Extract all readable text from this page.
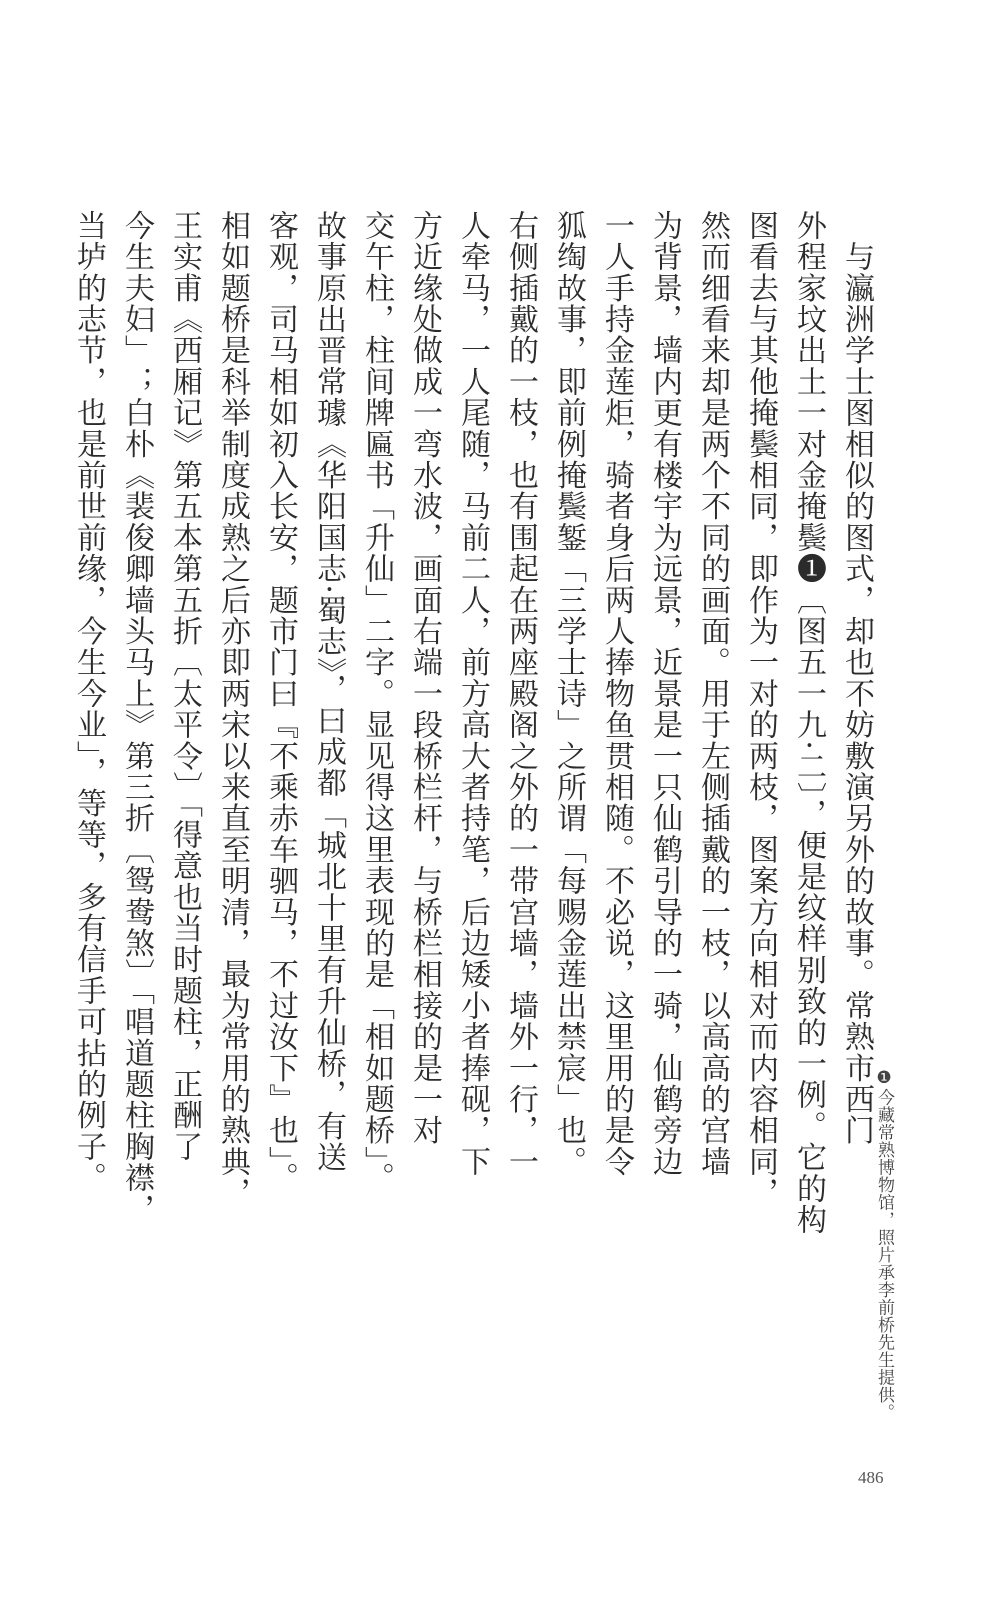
　与瀛洲学士图相似的图式，却也不妨敷演另外的故事。常熟市西门
外程家坟出土一对金掩鬓❶〔图五一九·二〕，便是纹样别致的一例。它的构
图看去与其他掩鬓相同，即作为一对的两枝，图案方向相对而内容相同，
然而细看来却是两个不同的画面。用于左侧插戴的一枝，以高高的宫墙
为背景，墙内更有楼宇为远景，近景是一只仙鹤引导的一骑，仙鹤旁边
一人手持金莲炬，骑者身后两人捧物鱼贯相随。不必说，这里用的是令
狐绹故事，即前例掩鬓錾「三学士诗」之所谓「每赐金莲出禁宸」也。
右侧插戴的一枝，也有围起在两座殿阁之外的一带宫墙，墙外一行，一
人牵马，一人尾随，马前二人，前方高大者持笔，后边矮小者捧砚，下
方近缘处做成一弯水波，画面右端一段桥栏杆，与桥栏相接的是一对
交午柱，柱间牌匾书「升仙」二字。显见得这里表现的是「相如题桥」。
故事原出晋常璩《华阳国志·蜀志》，曰成都「城北十里有升仙桥，有送
客观，司马相如初入长安，题市门曰『不乘赤车驷马，不过汝下』也」。
相如题桥是科举制度成熟之后亦即两宋以来直至明清，最为常用的熟典，
王实甫《西厢记》第五本第五折〔太平令〕「得意也当时题柱，正酬了
今生夫妇」；白朴《裴俊卿墙头马上》第三折〔鸳鸯煞〕「唱道题柱胸襟，
当垆的志节，也是前世前缘，今生今业」，等等，多有信手可拈的例子。
❶今藏常熟博物馆，照片承李前桥先生提供。
486
